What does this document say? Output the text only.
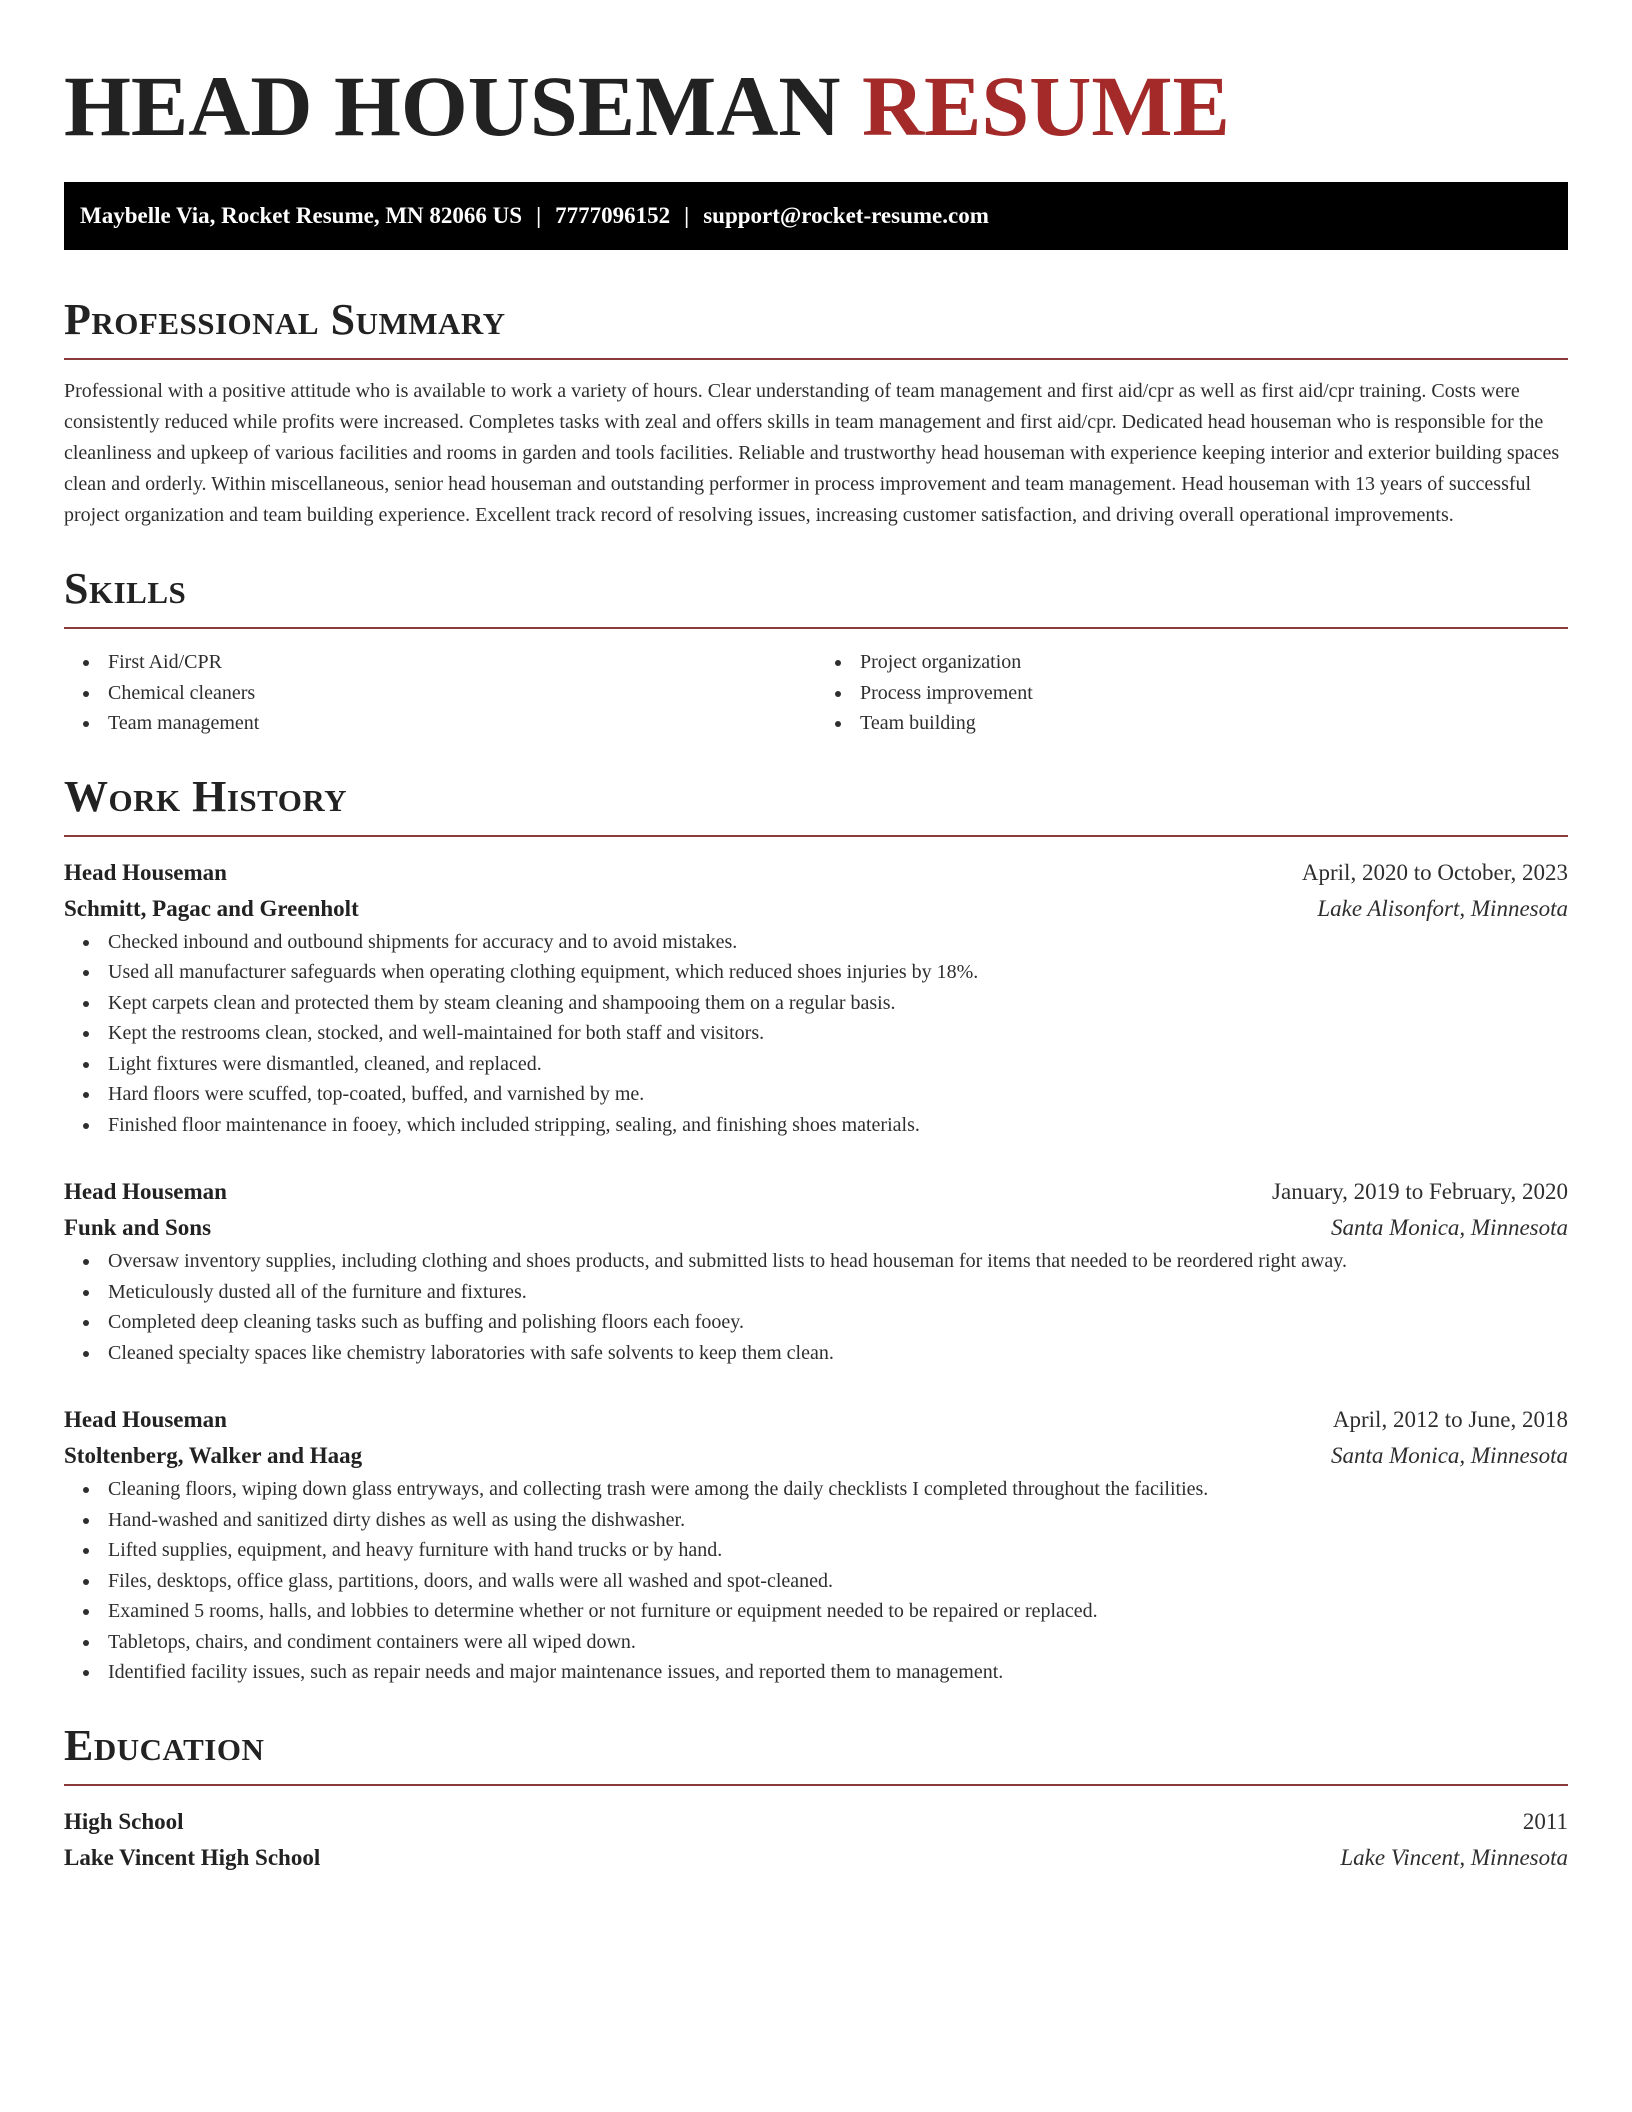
HEAD HOUSEMAN RESUME
Maybelle Via, Rocket Resume, MN 82066 US | 7777096152 | support@rocket-resume.com
Professional Summary

Professional with a positive attitude who is available to work a variety of hours. Clear understanding of team management and first aid/cpr as well as first aid/cpr training. Costs were consistently reduced while profits were increased. Completes tasks with zeal and offers skills in team management and first aid/cpr. Dedicated head houseman who is responsible for the cleanliness and upkeep of various facilities and rooms in garden and tools facilities. Reliable and trustworthy head houseman with experience keeping interior and exterior building spaces clean and orderly. Within miscellaneous, senior head houseman and outstanding performer in process improvement and team management. Head houseman with 13 years of successful project organization and team building experience. Excellent track record of resolving issues, increasing customer satisfaction, and driving overall operational improvements.

Skills
First Aid/CPR
Chemical cleaners
Team management
Project organization
Process improvement
Team building
Work History
Head Houseman	April, 2020 to October, 2023
Schmitt, Pagac and Greenholt	Lake Alisonfort, Minnesota
Checked inbound and outbound shipments for accuracy and to avoid mistakes.
Used all manufacturer safeguards when operating clothing equipment, which reduced shoes injuries by 18%.
Kept carpets clean and protected them by steam cleaning and shampooing them on a regular basis.
Kept the restrooms clean, stocked, and well-maintained for both staff and visitors.
Light fixtures were dismantled, cleaned, and replaced.
Hard floors were scuffed, top-coated, buffed, and varnished by me.
Finished floor maintenance in fooey, which included stripping, sealing, and finishing shoes materials.
Head Houseman	January, 2019 to February, 2020
Funk and Sons	Santa Monica, Minnesota
Oversaw inventory supplies, including clothing and shoes products, and submitted lists to head houseman for items that needed to be reordered right away.
Meticulously dusted all of the furniture and fixtures.
Completed deep cleaning tasks such as buffing and polishing floors each fooey.
Cleaned specialty spaces like chemistry laboratories with safe solvents to keep them clean.
Head Houseman	April, 2012 to June, 2018
Stoltenberg, Walker and Haag	Santa Monica, Minnesota
Cleaning floors, wiping down glass entryways, and collecting trash were among the daily checklists I completed throughout the facilities.
Hand-washed and sanitized dirty dishes as well as using the dishwasher.
Lifted supplies, equipment, and heavy furniture with hand trucks or by hand.
Files, desktops, office glass, partitions, doors, and walls were all washed and spot-cleaned.
Examined 5 rooms, halls, and lobbies to determine whether or not furniture or equipment needed to be repaired or replaced.
Tabletops, chairs, and condiment containers were all wiped down.
Identified facility issues, such as repair needs and major maintenance issues, and reported them to management.
Education
High School	2011
Lake Vincent High School	Lake Vincent, Minnesota
